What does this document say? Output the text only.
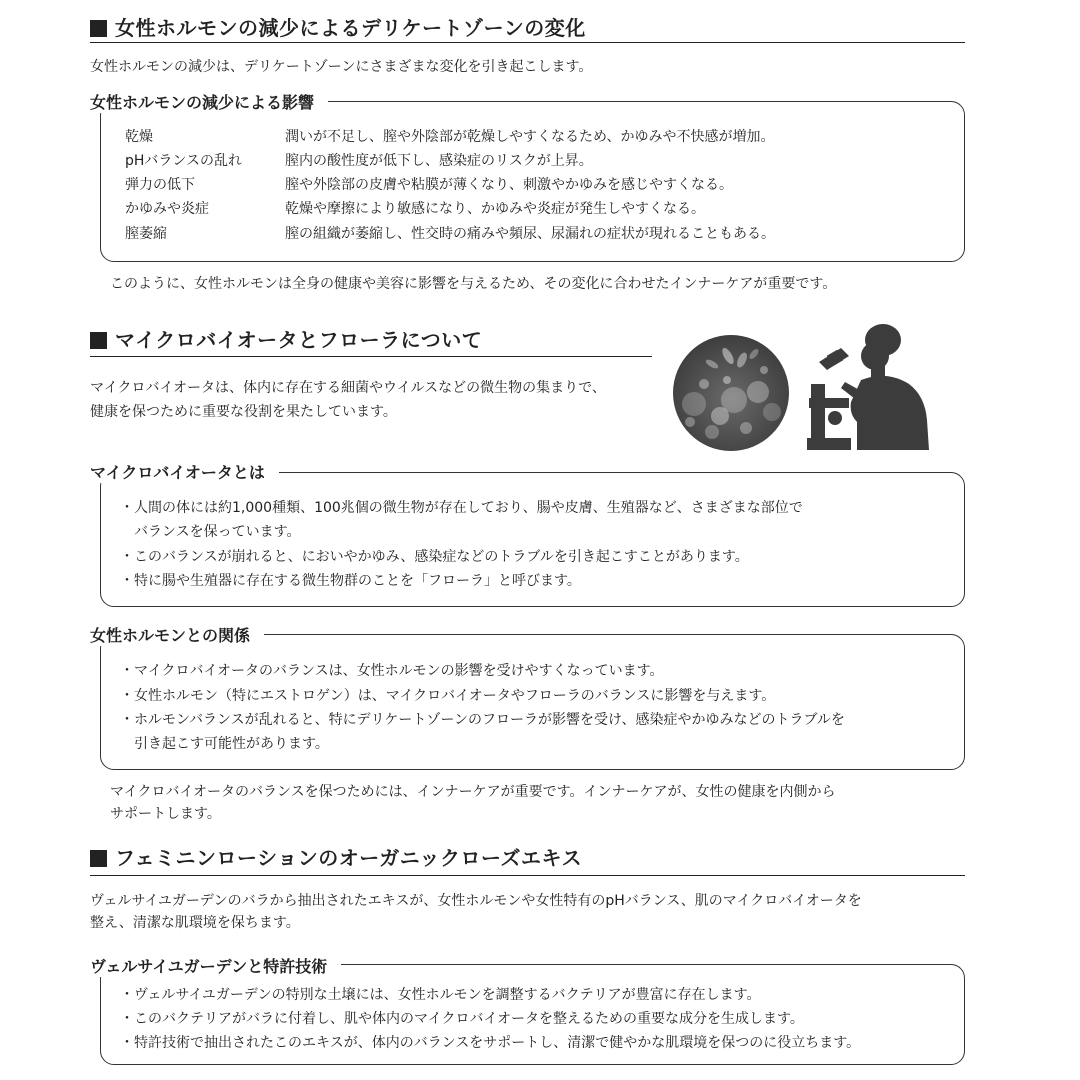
女性ホルモンの減少によるデリケートゾーンの変化
女性ホルモンの減少は、デリケートゾーンにさまざまな変化を引き起こします。
女性ホルモンの減少による影響
乾燥	潤いが不足し、膣や外陰部が乾燥しやすくなるため、かゆみや不快感が増加。
pHバランスの乱れ	膣内の酸性度が低下し、感染症のリスクが上昇。
弾力の低下	膣や外陰部の皮膚や粘膜が薄くなり、刺激やかゆみを感じやすくなる。
かゆみや炎症	乾燥や摩擦により敏感になり、かゆみや炎症が発生しやすくなる。
膣萎縮	膣の組織が萎縮し、性交時の痛みや頻尿、尿漏れの症状が現れることもある。
このように、女性ホルモンは全身の健康や美容に影響を与えるため、その変化に合わせたインナーケアが重要です。
マイクロバイオータとフローラについて
マイクロバイオータは、体内に存在する細菌やウイルスなどの微生物の集まりで、
健康を保つために重要な役割を果たしています。
マイクロバイオータとは
・人間の体には約1,000種類、100兆個の微生物が存在しており、腸や皮膚、生殖器など、さまざまな部位で
　バランスを保っています。
・このバランスが崩れると、においやかゆみ、感染症などのトラブルを引き起こすことがあります。
・特に腸や生殖器に存在する微生物群のことを「フローラ」と呼びます。
女性ホルモンとの関係
・マイクロバイオータのバランスは、女性ホルモンの影響を受けやすくなっています。
・女性ホルモン（特にエストロゲン）は、マイクロバイオータやフローラのバランスに影響を与えます。
・ホルモンバランスが乱れると、特にデリケートゾーンのフローラが影響を受け、感染症やかゆみなどのトラブルを
　引き起こす可能性があります。
マイクロバイオータのバランスを保つためには、インナーケアが重要です。インナーケアが、女性の健康を内側から
サポートします。
フェミニンローションのオーガニックローズエキス
ヴェルサイユガーデンのバラから抽出されたエキスが、女性ホルモンや女性特有のpHバランス、肌のマイクロバイオータを
整え、清潔な肌環境を保ちます。
ヴェルサイユガーデンと特許技術
・ヴェルサイユガーデンの特別な土壌には、女性ホルモンを調整するバクテリアが豊富に存在します。
・このバクテリアがバラに付着し、肌や体内のマイクロバイオータを整えるための重要な成分を生成します。
・特許技術で抽出されたこのエキスが、体内のバランスをサポートし、清潔で健やかな肌環境を保つのに役立ちます。
